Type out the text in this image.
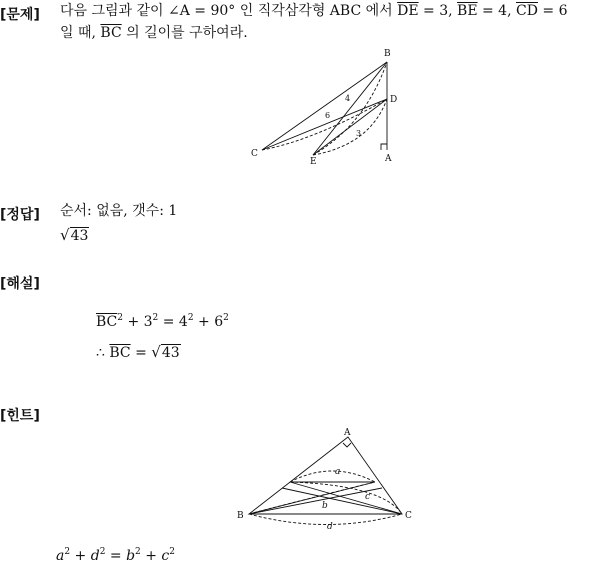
[문제] 다음 그림과 같이 ∠A = 90° 인 직각삼각형 ABC 에서 $\overline{DE} = 3$, $\overline{BE} = 4$, $\overline{CD} = 6$
일 때, $\overline{BC}$ 의 길이를 구하여라.
B
D
C
E	A
4
6
3
[정답] 순서: 없음, 갯수: 1
√43
[해설]
$\overline{BC}^2 + 3^2 = 4^2 + 6^2$
∴ $\overline{BC} = √43$
[힌트]
A
B	C
a
b
c
d
$a^2 + d^2 = b^2 + c^2$
